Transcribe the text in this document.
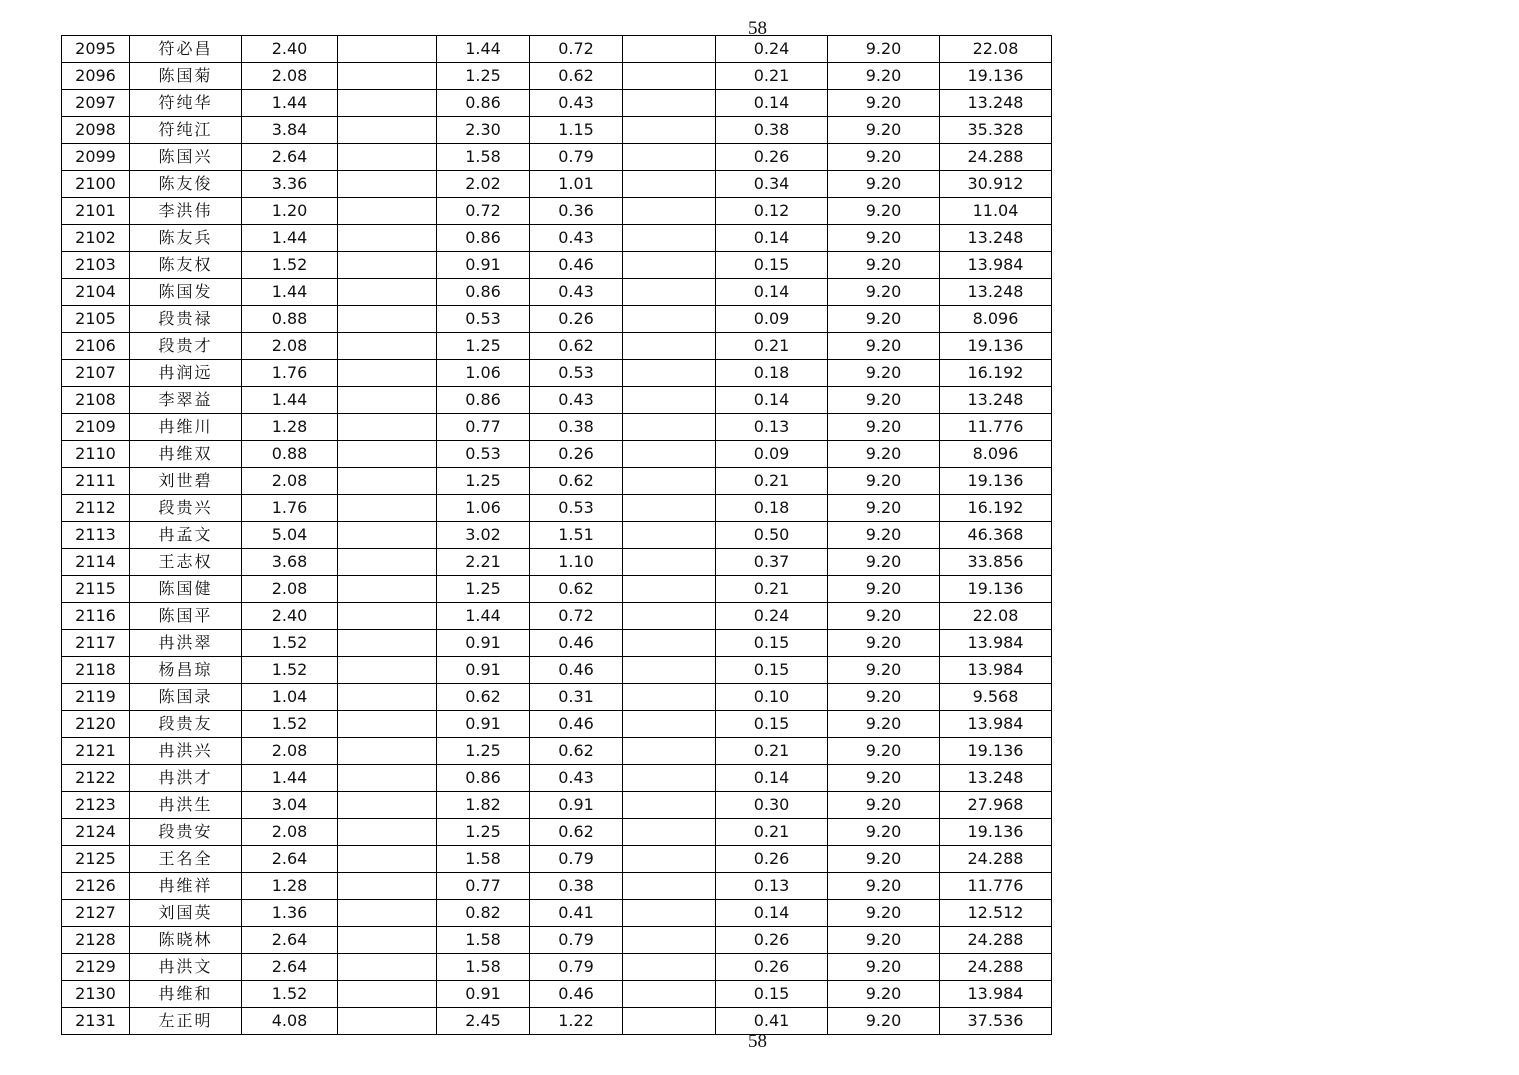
58
2095	符必昌	2.40		1.44	0.72		0.24	9.20	22.08
2096	陈国菊	2.08		1.25	0.62		0.21	9.20	19.136
2097	符纯华	1.44		0.86	0.43		0.14	9.20	13.248
2098	符纯江	3.84		2.30	1.15		0.38	9.20	35.328
2099	陈国兴	2.64		1.58	0.79		0.26	9.20	24.288
2100	陈友俊	3.36		2.02	1.01		0.34	9.20	30.912
2101	李洪伟	1.20		0.72	0.36		0.12	9.20	11.04
2102	陈友兵	1.44		0.86	0.43		0.14	9.20	13.248
2103	陈友权	1.52		0.91	0.46		0.15	9.20	13.984
2104	陈国发	1.44		0.86	0.43		0.14	9.20	13.248
2105	段贵禄	0.88		0.53	0.26		0.09	9.20	8.096
2106	段贵才	2.08		1.25	0.62		0.21	9.20	19.136
2107	冉润远	1.76		1.06	0.53		0.18	9.20	16.192
2108	李翠益	1.44		0.86	0.43		0.14	9.20	13.248
2109	冉维川	1.28		0.77	0.38		0.13	9.20	11.776
2110	冉维双	0.88		0.53	0.26		0.09	9.20	8.096
2111	刘世碧	2.08		1.25	0.62		0.21	9.20	19.136
2112	段贵兴	1.76		1.06	0.53		0.18	9.20	16.192
2113	冉孟文	5.04		3.02	1.51		0.50	9.20	46.368
2114	王志权	3.68		2.21	1.10		0.37	9.20	33.856
2115	陈国健	2.08		1.25	0.62		0.21	9.20	19.136
2116	陈国平	2.40		1.44	0.72		0.24	9.20	22.08
2117	冉洪翠	1.52		0.91	0.46		0.15	9.20	13.984
2118	杨昌琼	1.52		0.91	0.46		0.15	9.20	13.984
2119	陈国录	1.04		0.62	0.31		0.10	9.20	9.568
2120	段贵友	1.52		0.91	0.46		0.15	9.20	13.984
2121	冉洪兴	2.08		1.25	0.62		0.21	9.20	19.136
2122	冉洪才	1.44		0.86	0.43		0.14	9.20	13.248
2123	冉洪生	3.04		1.82	0.91		0.30	9.20	27.968
2124	段贵安	2.08		1.25	0.62		0.21	9.20	19.136
2125	王名全	2.64		1.58	0.79		0.26	9.20	24.288
2126	冉维祥	1.28		0.77	0.38		0.13	9.20	11.776
2127	刘国英	1.36		0.82	0.41		0.14	9.20	12.512
2128	陈晓林	2.64		1.58	0.79		0.26	9.20	24.288
2129	冉洪文	2.64		1.58	0.79		0.26	9.20	24.288
2130	冉维和	1.52		0.91	0.46		0.15	9.20	13.984
2131	左正明	4.08		2.45	1.22		0.41	9.20	37.536
58
